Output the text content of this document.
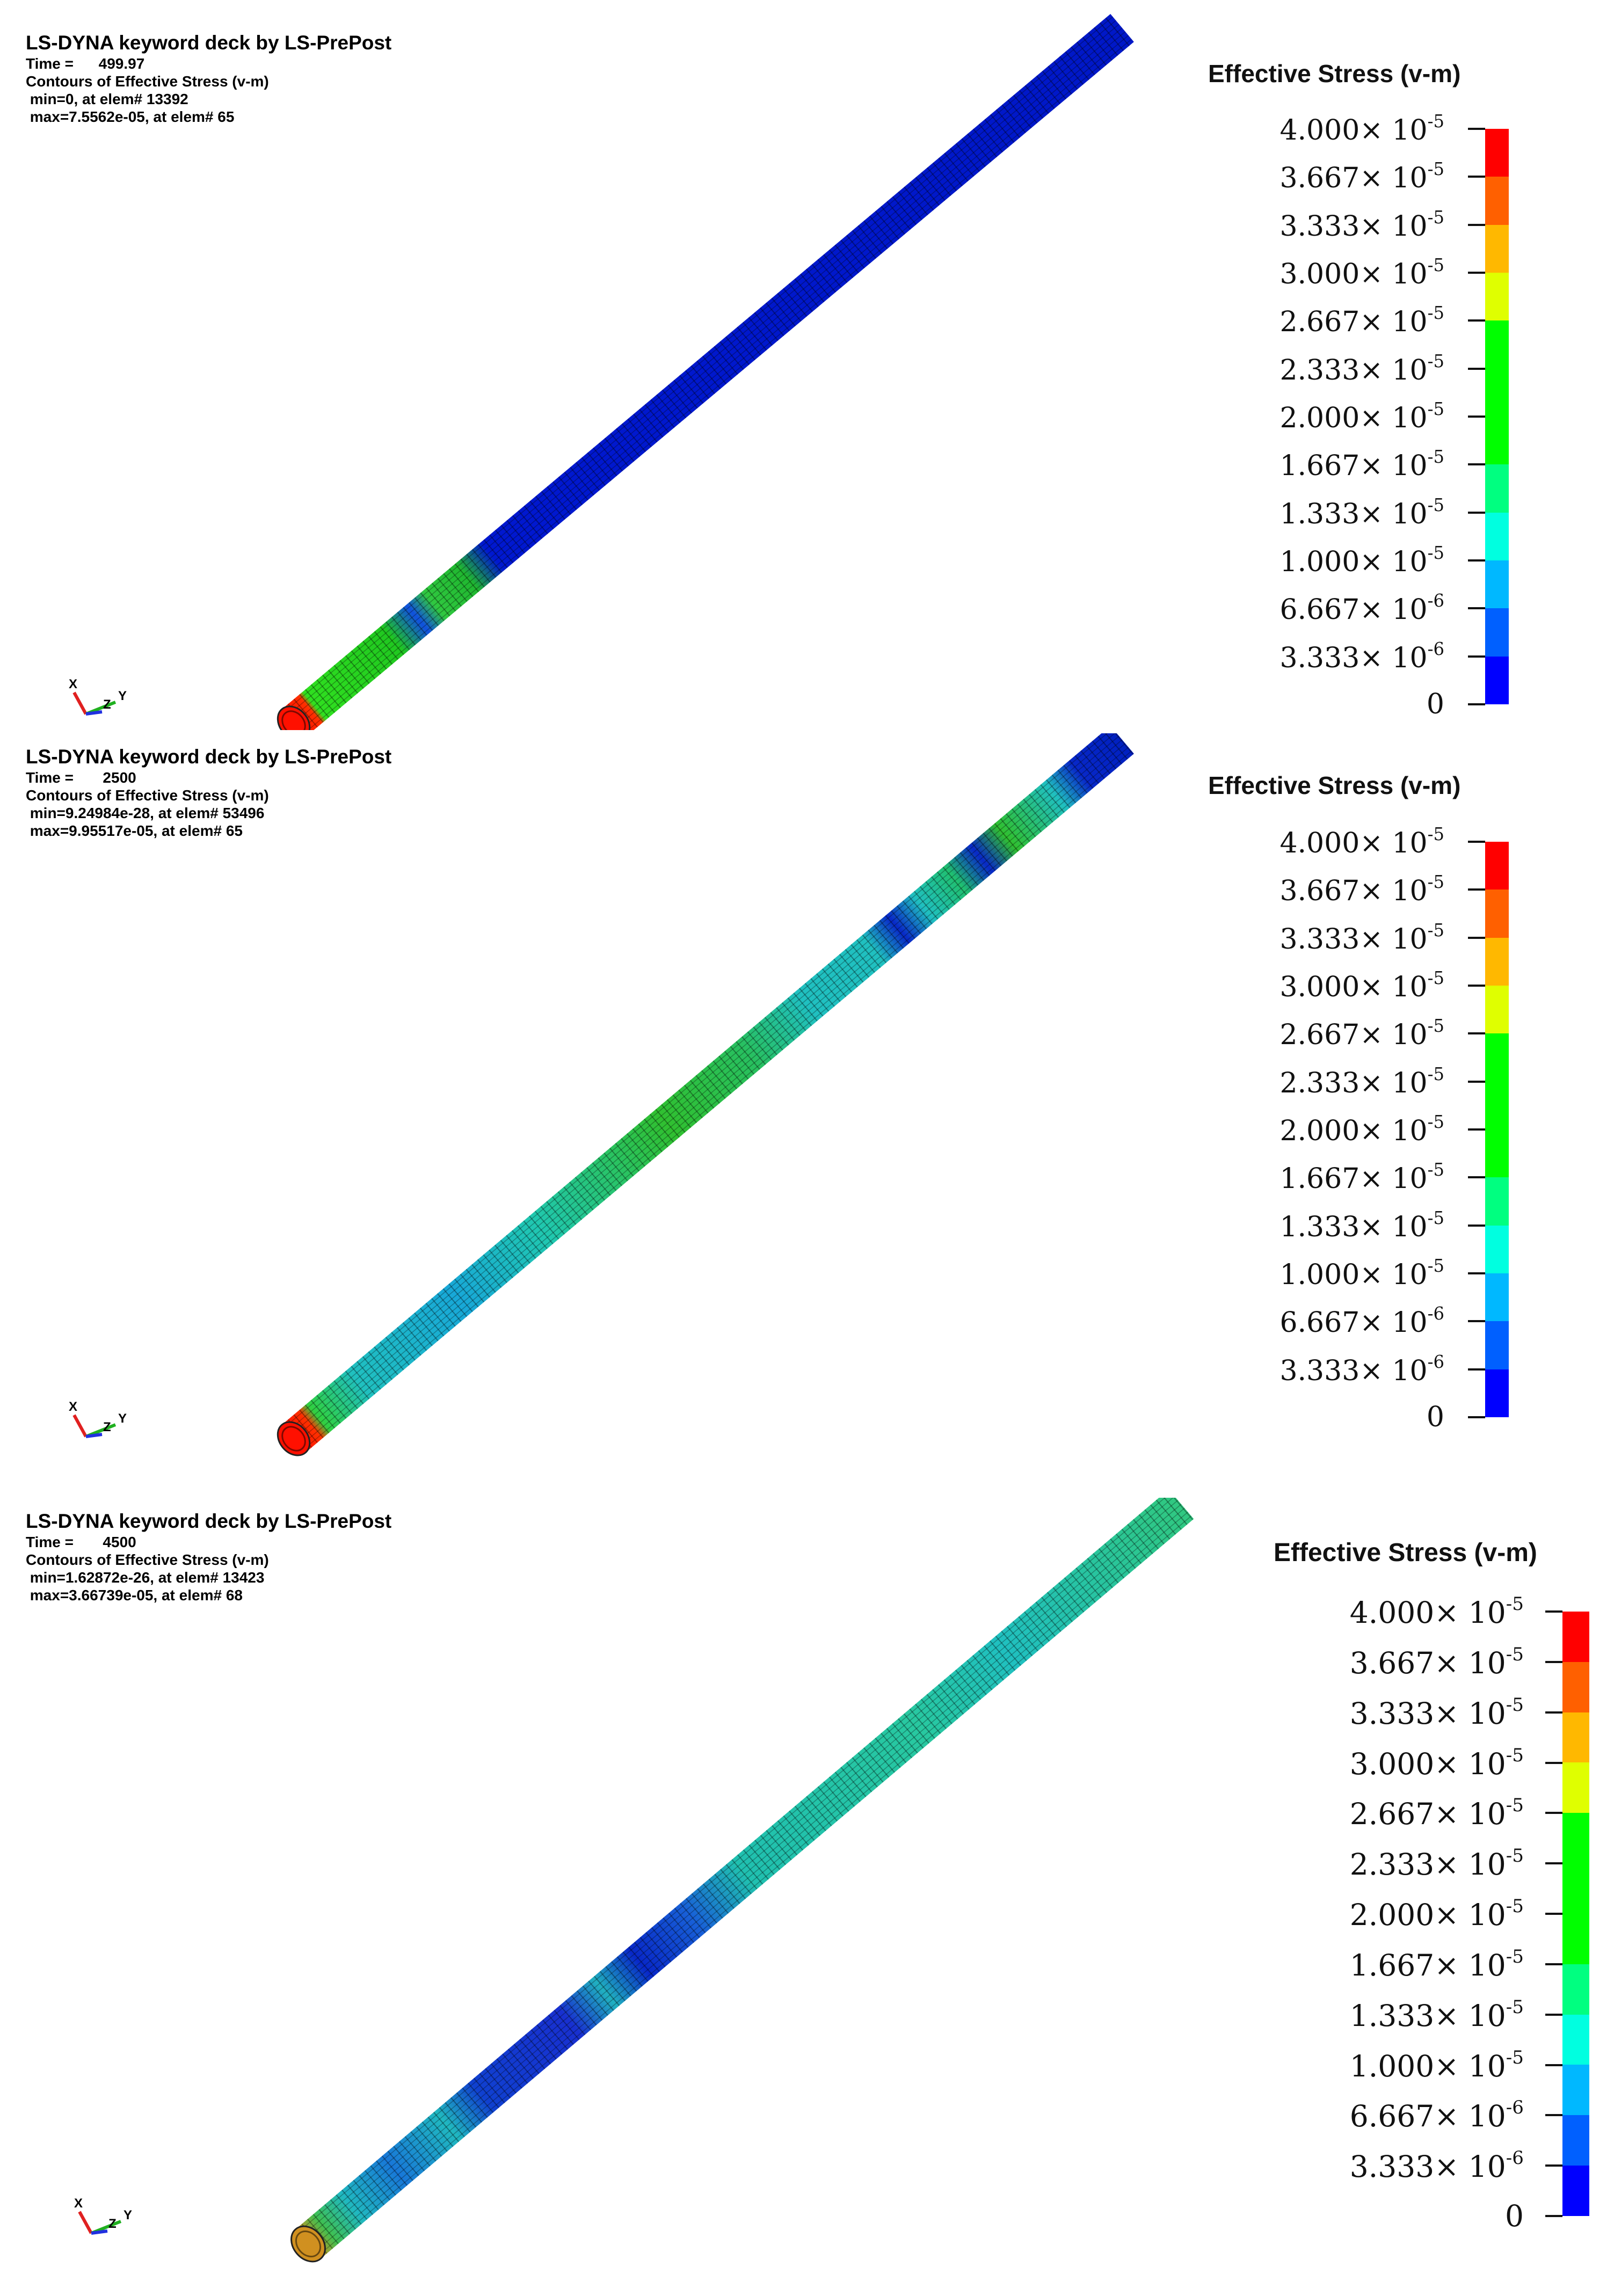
LS-DYNA keyword deck by LS-PrePost
Time =      499.97
Contours of Effective Stress (v-m)
min=0, at elem# 13392
max=7.5562e-05, at elem# 65
Effective Stress (v-m)
$4.000\times 10^{-5}$
$3.667\times 10^{-5}$
$3.333\times 10^{-5}$
$3.000\times 10^{-5}$
$2.667\times 10^{-5}$
$2.333\times 10^{-5}$
$2.000\times 10^{-5}$
$1.667\times 10^{-5}$
$1.333\times 10^{-5}$
$1.000\times 10^{-5}$
$6.667\times 10^{-6}$
$3.333\times 10^{-6}$
0
X
Z
Y
LS-DYNA keyword deck by LS-PrePost
Time =       2500
Contours of Effective Stress (v-m)
min=9.24984e-28, at elem# 53496
max=9.95517e-05, at elem# 65
Effective Stress (v-m)
$4.000\times 10^{-5}$
$3.667\times 10^{-5}$
$3.333\times 10^{-5}$
$3.000\times 10^{-5}$
$2.667\times 10^{-5}$
$2.333\times 10^{-5}$
$2.000\times 10^{-5}$
$1.667\times 10^{-5}$
$1.333\times 10^{-5}$
$1.000\times 10^{-5}$
$6.667\times 10^{-6}$
$3.333\times 10^{-6}$
0
X
Z
Y
LS-DYNA keyword deck by LS-PrePost
Time =       4500
Contours of Effective Stress (v-m)
min=1.62872e-26, at elem# 13423
max=3.66739e-05, at elem# 68
Effective Stress (v-m)
$4.000\times 10^{-5}$
$3.667\times 10^{-5}$
$3.333\times 10^{-5}$
$3.000\times 10^{-5}$
$2.667\times 10^{-5}$
$2.333\times 10^{-5}$
$2.000\times 10^{-5}$
$1.667\times 10^{-5}$
$1.333\times 10^{-5}$
$1.000\times 10^{-5}$
$6.667\times 10^{-6}$
$3.333\times 10^{-6}$
0
X
Z
Y
